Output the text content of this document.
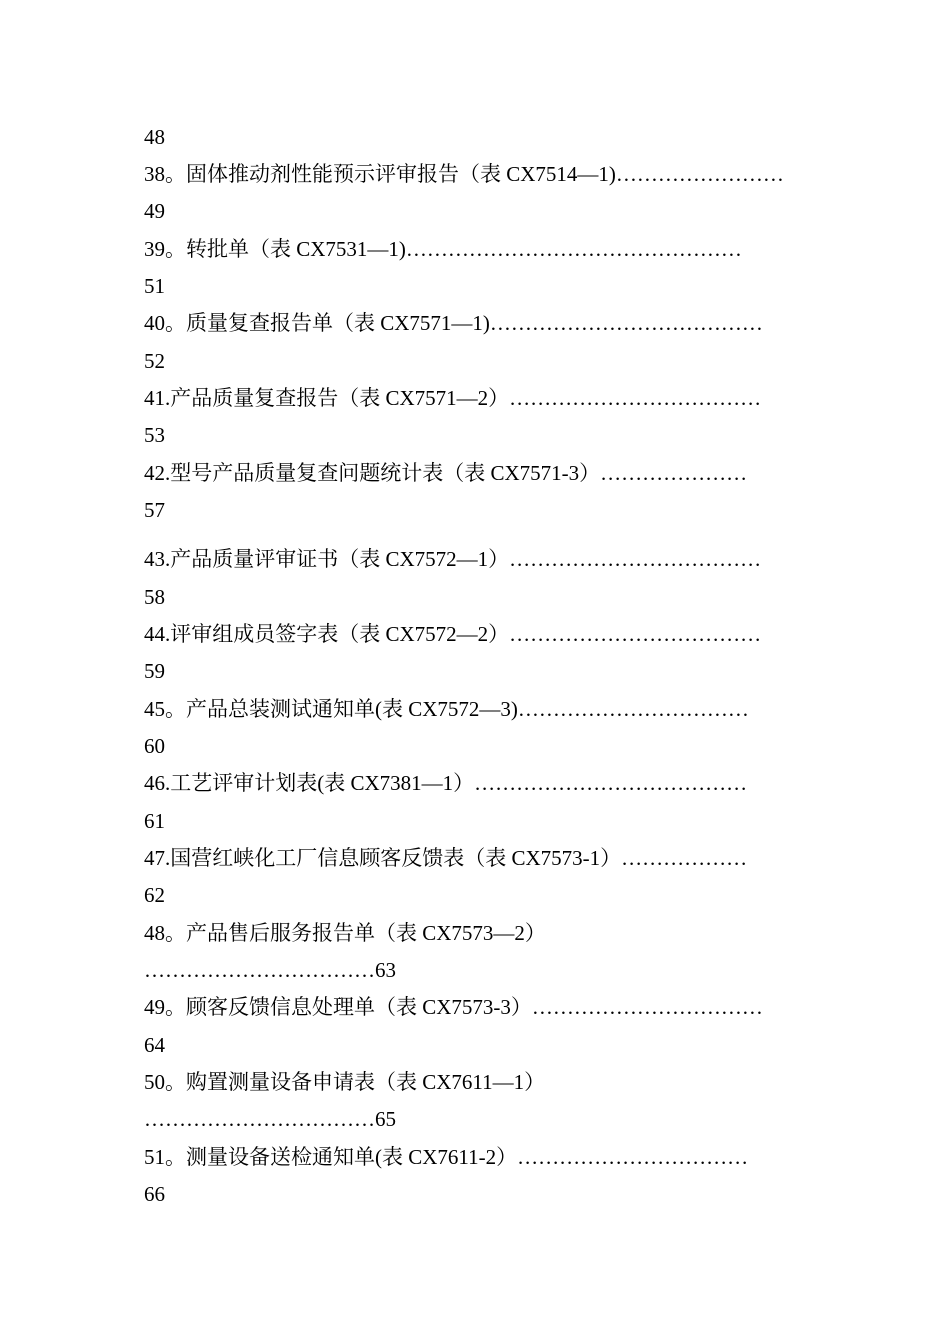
48
38。固体推动剂性能预示评审报告（表 CX7514—1)……………………
49
39。转批单（表 CX7531—1)…………………………………………
51
40。质量复查报告单（表 CX7571—1)…………………………………
52
41.产品质量复查报告（表 CX7571—2）………………………………
53
42.型号产品质量复查问题统计表（表 CX7571-3）…………………
57
43.产品质量评审证书（表 CX7572—1）………………………………
58
44.评审组成员签字表（表 CX7572—2）………………………………
59
45。产品总装测试通知单(表 CX7572—3)……………………………
60
46.工艺评审计划表(表 CX7381—1）…………………………………
61
47.国营红峡化工厂信息顾客反馈表（表 CX7573-1）………………
62
48。产品售后服务报告单（表 CX7573—2）
……………………………63
49。顾客反馈信息处理单（表 CX7573-3）……………………………
64
50。购置测量设备申请表（表 CX7611—1）
……………………………65
51。测量设备送检通知单(表 CX7611-2）……………………………
66
